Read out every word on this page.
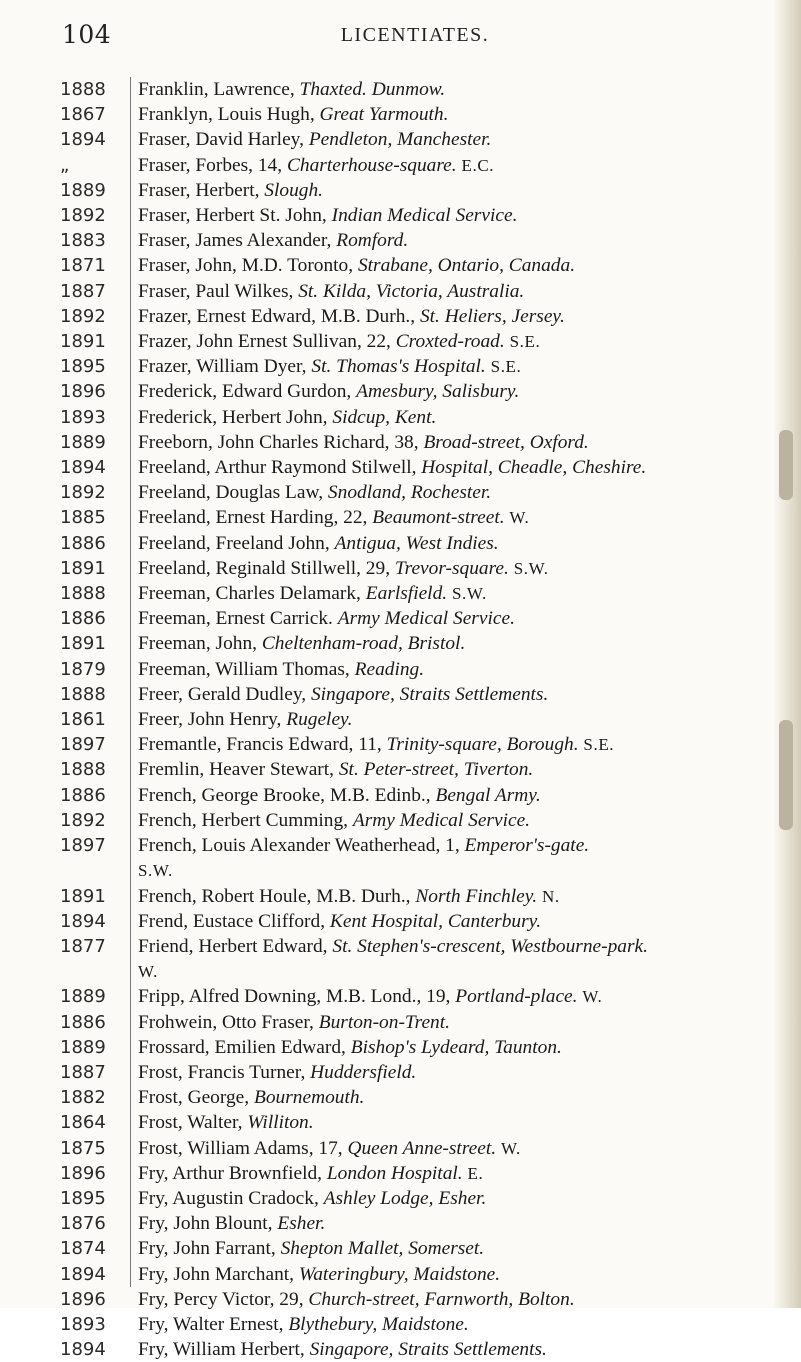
104	LICENTIATES.
1888	Franklin, Lawrence, Thaxted. Dunmow.
1867	Franklyn, Louis Hugh, Great Yarmouth.
1894	Fraser, David Harley, Pendleton, Manchester.
„	Fraser, Forbes, 14, Charterhouse-square. E.C.
1889	Fraser, Herbert, Slough.
1892	Fraser, Herbert St. John, Indian Medical Service.
1883	Fraser, James Alexander, Romford.
1871	Fraser, John, M.D. Toronto, Strabane, Ontario, Canada.
1887	Fraser, Paul Wilkes, St. Kilda, Victoria, Australia.
1892	Frazer, Ernest Edward, M.B. Durh., St. Heliers, Jersey.
1891	Frazer, John Ernest Sullivan, 22, Croxted-road. S.E.
1895	Frazer, William Dyer, St. Thomas's Hospital. S.E.
1896	Frederick, Edward Gurdon, Amesbury, Salisbury.
1893	Frederick, Herbert John, Sidcup, Kent.
1889	Freeborn, John Charles Richard, 38, Broad-street, Oxford.
1894	Freeland, Arthur Raymond Stilwell, Hospital, Cheadle, Cheshire.
1892	Freeland, Douglas Law, Snodland, Rochester.
1885	Freeland, Ernest Harding, 22, Beaumont-street. W.
1886	Freeland, Freeland John, Antigua, West Indies.
1891	Freeland, Reginald Stillwell, 29, Trevor-square. S.W.
1888	Freeman, Charles Delamark, Earlsfield. S.W.
1886	Freeman, Ernest Carrick. Army Medical Service.
1891	Freeman, John, Cheltenham-road, Bristol.
1879	Freeman, William Thomas, Reading.
1888	Freer, Gerald Dudley, Singapore, Straits Settlements.
1861	Freer, John Henry, Rugeley.
1897	Fremantle, Francis Edward, 11, Trinity-square, Borough. S.E.
1888	Fremlin, Heaver Stewart, St. Peter-street, Tiverton.
1886	French, George Brooke, M.B. Edinb., Bengal Army.
1892	French, Herbert Cumming, Army Medical Service.
1897	French, Louis Alexander Weatherhead, 1, Emperor's-gate.
S.W.
1891	French, Robert Houle, M.B. Durh., North Finchley. N.
1894	Frend, Eustace Clifford, Kent Hospital, Canterbury.
1877	Friend, Herbert Edward, St. Stephen's-crescent, Westbourne-park.
W.
1889	Fripp, Alfred Downing, M.B. Lond., 19, Portland-place. W.
1886	Frohwein, Otto Fraser, Burton-on-Trent.
1889	Frossard, Emilien Edward, Bishop's Lydeard, Taunton.
1887	Frost, Francis Turner, Huddersfield.
1882	Frost, George, Bournemouth.
1864	Frost, Walter, Williton.
1875	Frost, William Adams, 17, Queen Anne-street. W.
1896	Fry, Arthur Brownfield, London Hospital. E.
1895	Fry, Augustin Cradock, Ashley Lodge, Esher.
1876	Fry, John Blount, Esher.
1874	Fry, John Farrant, Shepton Mallet, Somerset.
1894	Fry, John Marchant, Wateringbury, Maidstone.
1896	Fry, Percy Victor, 29, Church-street, Farnworth, Bolton.
1893	Fry, Walter Ernest, Blythebury, Maidstone.
1894	Fry, William Herbert, Singapore, Straits Settlements.
